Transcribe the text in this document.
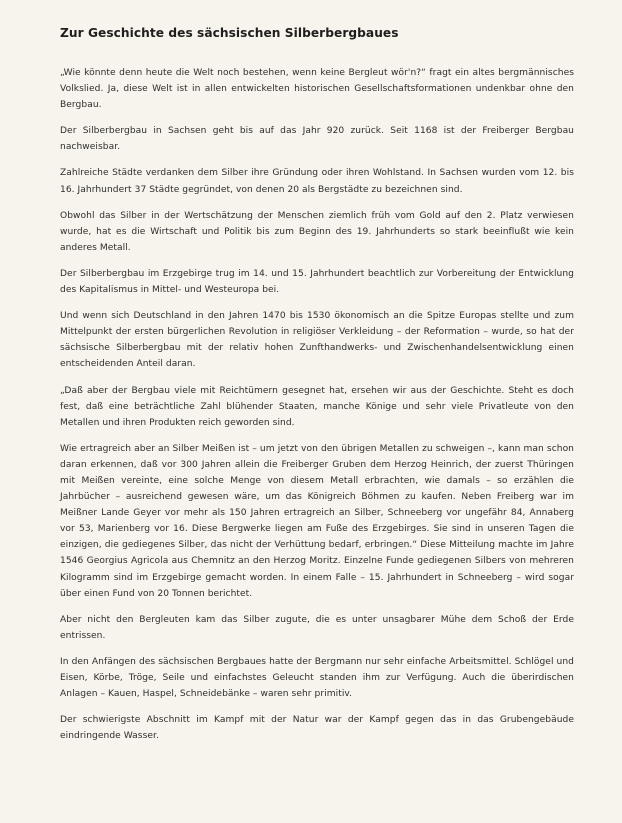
Zur Geschichte des sächsischen Silberbergbaues

„Wie könnte denn heute die Welt noch bestehen, wenn keine Bergleut wör'n?“ fragt ein altes bergmännisches Volkslied. Ja, diese Welt ist in allen entwickelten historischen Gesellschaftsformationen undenkbar ohne den Bergbau.

Der Silberbergbau in Sachsen geht bis auf das Jahr 920 zurück. Seit 1168 ist der Freiberger Bergbau nachweisbar.

Zahlreiche Städte verdanken dem Silber ihre Gründung oder ihren Wohlstand. In Sachsen wurden vom 12. bis 16. Jahrhundert 37 Städte gegründet, von denen 20 als Bergstädte zu bezeichnen sind.

Obwohl das Silber in der Wertschätzung der Menschen ziemlich früh vom Gold auf den 2. Platz verwiesen wurde, hat es die Wirtschaft und Politik bis zum Beginn des 19. Jahrhunderts so stark beeinflußt wie kein anderes Metall.

Der Silberbergbau im Erzgebirge trug im 14. und 15. Jahrhundert beachtlich zur Vorbereitung der Entwicklung des Kapitalismus in Mittel- und Westeuropa bei.

Und wenn sich Deutschland in den Jahren 1470 bis 1530 ökonomisch an die Spitze Europas stellte und zum Mittelpunkt der ersten bürgerlichen Revolution in religiöser Verkleidung – der Reformation – wurde, so hat der sächsische Silberbergbau mit der relativ hohen Zunfthandwerks- und Zwischenhandelsentwicklung einen entscheidenden Anteil daran.

„Daß aber der Bergbau viele mit Reichtümern gesegnet hat, ersehen wir aus der Geschichte. Steht es doch fest, daß eine beträchtliche Zahl blühender Staaten, manche Könige und sehr viele Privatleute von den Metallen und ihren Produkten reich geworden sind.

Wie ertragreich aber an Silber Meißen ist – um jetzt von den übrigen Metallen zu schweigen –, kann man schon daran erkennen, daß vor 300 Jahren allein die Freiberger Gruben dem Herzog Heinrich, der zuerst Thüringen mit Meißen vereinte, eine solche Menge von diesem Metall erbrachten, wie damals – so erzählen die Jahrbücher – ausreichend gewesen wäre, um das Königreich Böhmen zu kaufen. Neben Freiberg war im Meißner Lande Geyer vor mehr als 150 Jahren ertragreich an Silber, Schneeberg vor ungefähr 84, Annaberg vor 53, Marienberg vor 16. Diese Bergwerke liegen am Fuße des Erzgebirges. Sie sind in unseren Tagen die einzigen, die gediegenes Silber, das nicht der Verhüttung bedarf, erbringen.“ Diese Mitteilung machte im Jahre 1546 Georgius Agricola aus Chemnitz an den Herzog Moritz. Einzelne Funde gediegenen Silbers von mehreren Kilogramm sind im Erzgebirge gemacht worden. In einem Falle – 15. Jahrhundert in Schneeberg – wird sogar über einen Fund von 20 Tonnen berichtet.

Aber nicht den Bergleuten kam das Silber zugute, die es unter unsagbarer Mühe dem Schoß der Erde entrissen.

In den Anfängen des sächsischen Bergbaues hatte der Bergmann nur sehr einfache Arbeitsmittel. Schlögel und Eisen, Körbe, Tröge, Seile und einfachstes Geleucht standen ihm zur Verfügung. Auch die überirdischen Anlagen – Kauen, Haspel, Schneidebänke – waren sehr primitiv.

Der schwierigste Abschnitt im Kampf mit der Natur war der Kampf gegen das in das Grubengebäude eindringende Wasser.
